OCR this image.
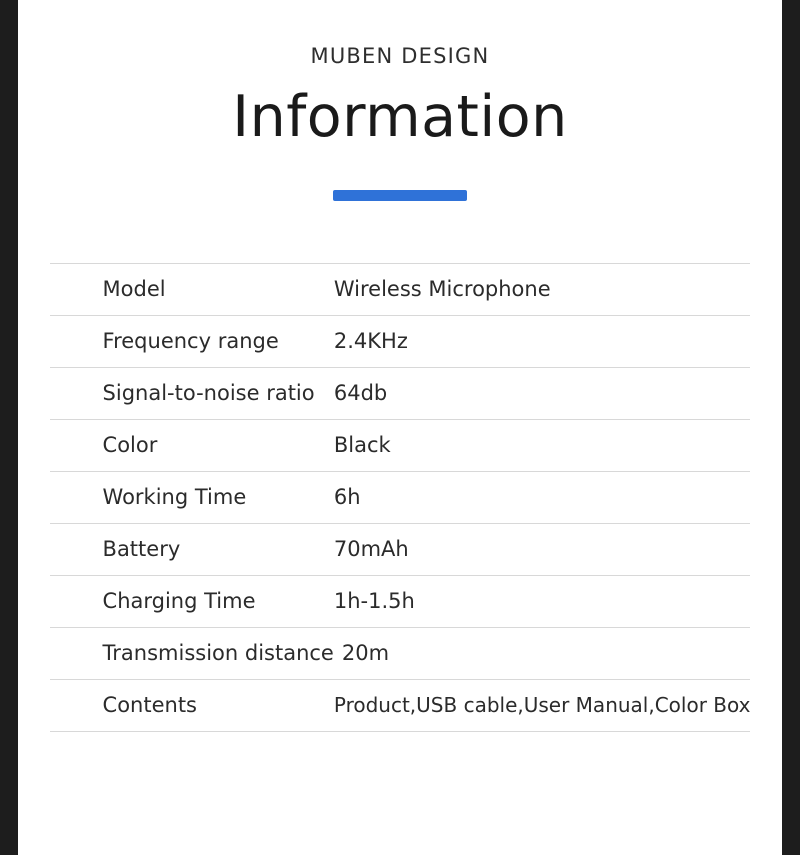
MUBEN DESIGN
Information
Model	Wireless Microphone
Frequency range	2.4KHz
Signal-to-noise ratio	64db
Color	Black
Working Time	6h
Battery	70mAh
Charging Time	1h-1.5h
Transmission distance	20m
Contents	Product,USB cable,User Manual,Color Box
